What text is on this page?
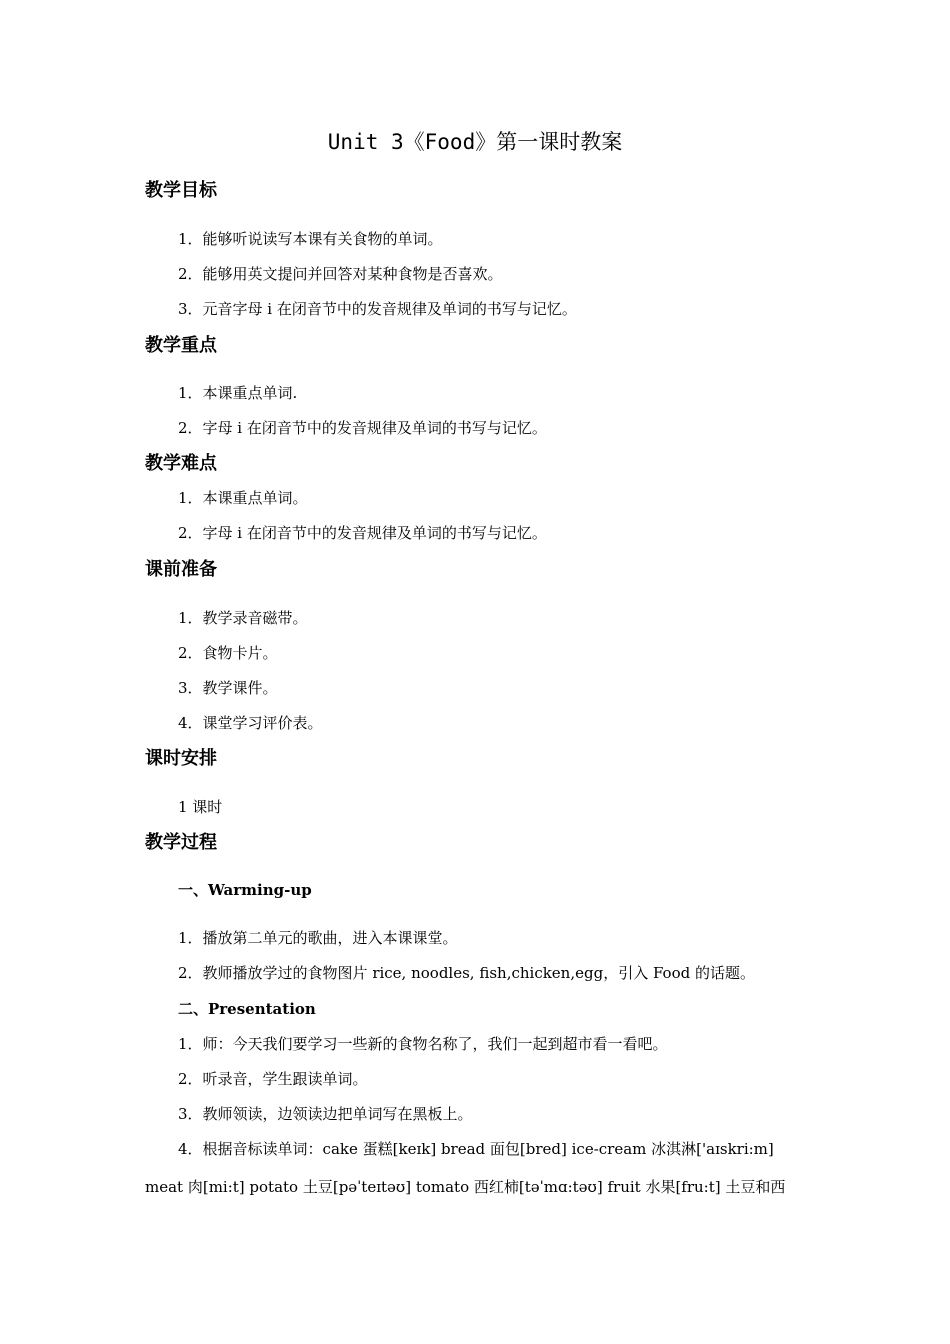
Unit 3《Food》第一课时教案
教学目标
1．能够听说读写本课有关食物的单词。
2．能够用英文提问并回答对某种食物是否喜欢。
3．元音字母 i 在闭音节中的发音规律及单词的书写与记忆。
教学重点
1．本课重点单词.
2．字母 i 在闭音节中的发音规律及单词的书写与记忆。
教学难点
1．本课重点单词。
2．字母 i 在闭音节中的发音规律及单词的书写与记忆。
课前准备
1．教学录音磁带。
2．食物卡片。
3．教学课件。
4．课堂学习评价表。
课时安排
1 课时
教学过程
一、Warming-up
1．播放第二单元的歌曲，进入本课课堂。
2．教师播放学过的食物图片 rice, noodles, fish,chicken,egg，引入 Food 的话题。
二、Presentation
1．师：今天我们要学习一些新的食物名称了，我们一起到超市看一看吧。
2．听录音，学生跟读单词。
3．教师领读，边领读边把单词写在黑板上。
4．根据音标读单词：cake 蛋糕[keɪk] bread 面包[bred] ice-cream 冰淇淋['aɪskri:m]
meat 肉[mi:t] potato 土豆[pəˈteɪtəʊ] tomato 西红柿[təˈmɑ:təʊ] fruit 水果[fru:t] 土豆和西
